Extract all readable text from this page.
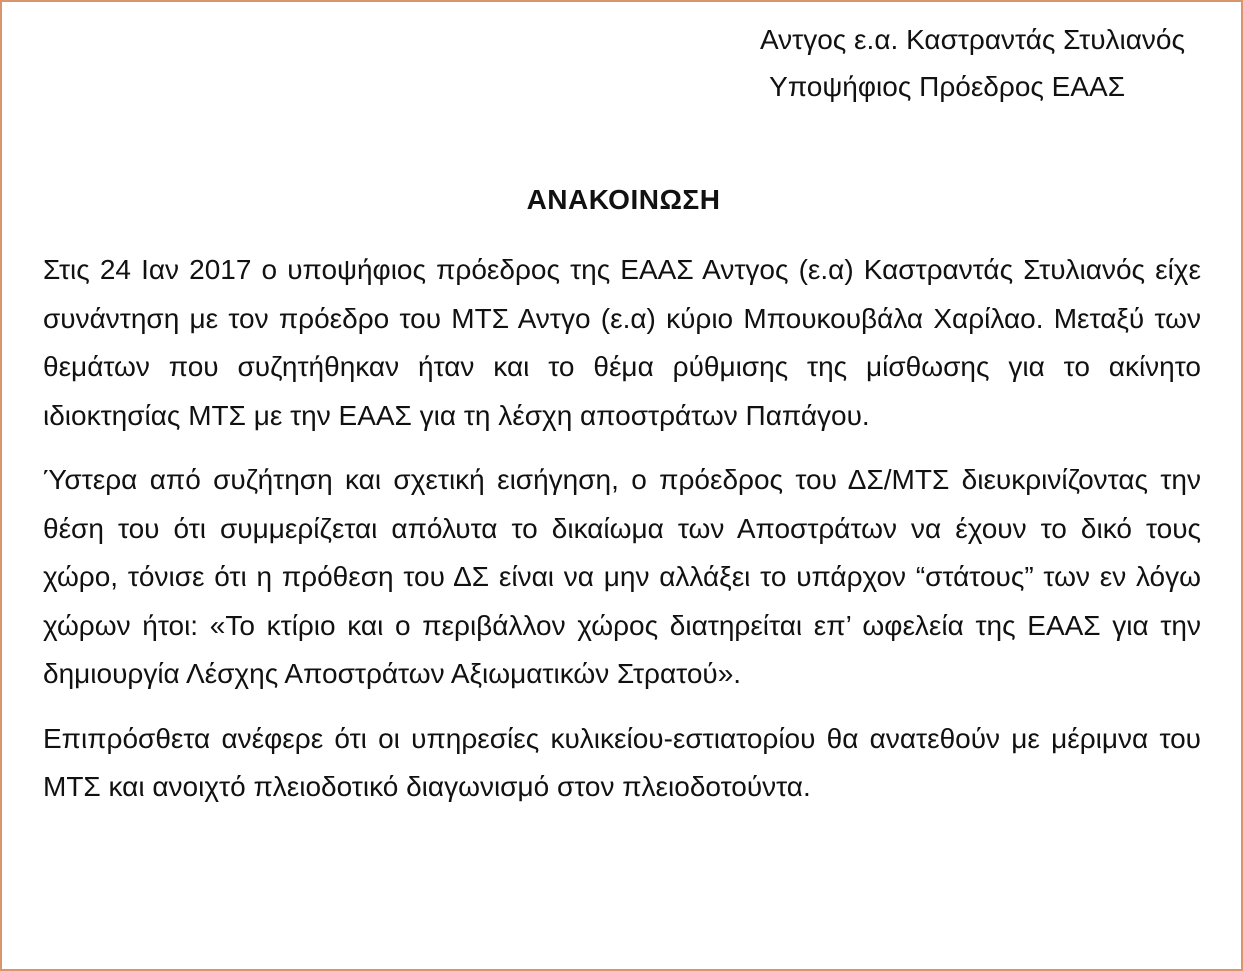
Αντγος ε.α. Καστραντάς Στυλιανός
Υποψήφιος Πρόεδρος ΕΑΑΣ
ΑΝΑΚΟΙΝΩΣΗ

Στις 24 Ιαν 2017 ο υποψήφιος πρόεδρος της ΕΑΑΣ Αντγος (ε.α) Καστραντάς Στυλιανός είχε συνάντηση με τον πρόεδρο του ΜΤΣ Αντγο (ε.α) κύριο Μπουκουβάλα Χαρίλαο. Μεταξύ των θεμάτων που συζητήθηκαν ήταν και το θέμα ρύθμισης της μίσθωσης για το ακίνητο ιδιοκτησίας ΜΤΣ με την ΕΑΑΣ για τη λέσχη αποστράτων Παπάγου.

Ύστερα από συζήτηση και σχετική εισήγηση, ο πρόεδρος του ΔΣ/ΜΤΣ διευκρινίζοντας την θέση του ότι συμμερίζεται απόλυτα το δικαίωμα των Αποστράτων να έχουν το δικό τους χώρο, τόνισε ότι η πρόθεση του ΔΣ είναι να μην αλλάξει το υπάρχον “στάτους” των εν λόγω χώρων ήτοι: «Το κτίριο και ο περιβάλλον χώρος διατηρείται επ’ ωφελεία της ΕΑΑΣ για την δημιουργία Λέσχης Αποστράτων Αξιωματικών Στρατού».

Επιπρόσθετα ανέφερε ότι οι υπηρεσίες κυλικείου-εστιατορίου θα ανατεθούν με μέριμνα του ΜΤΣ και ανοιχτό πλειοδοτικό διαγωνισμό στον πλειοδοτούντα.
